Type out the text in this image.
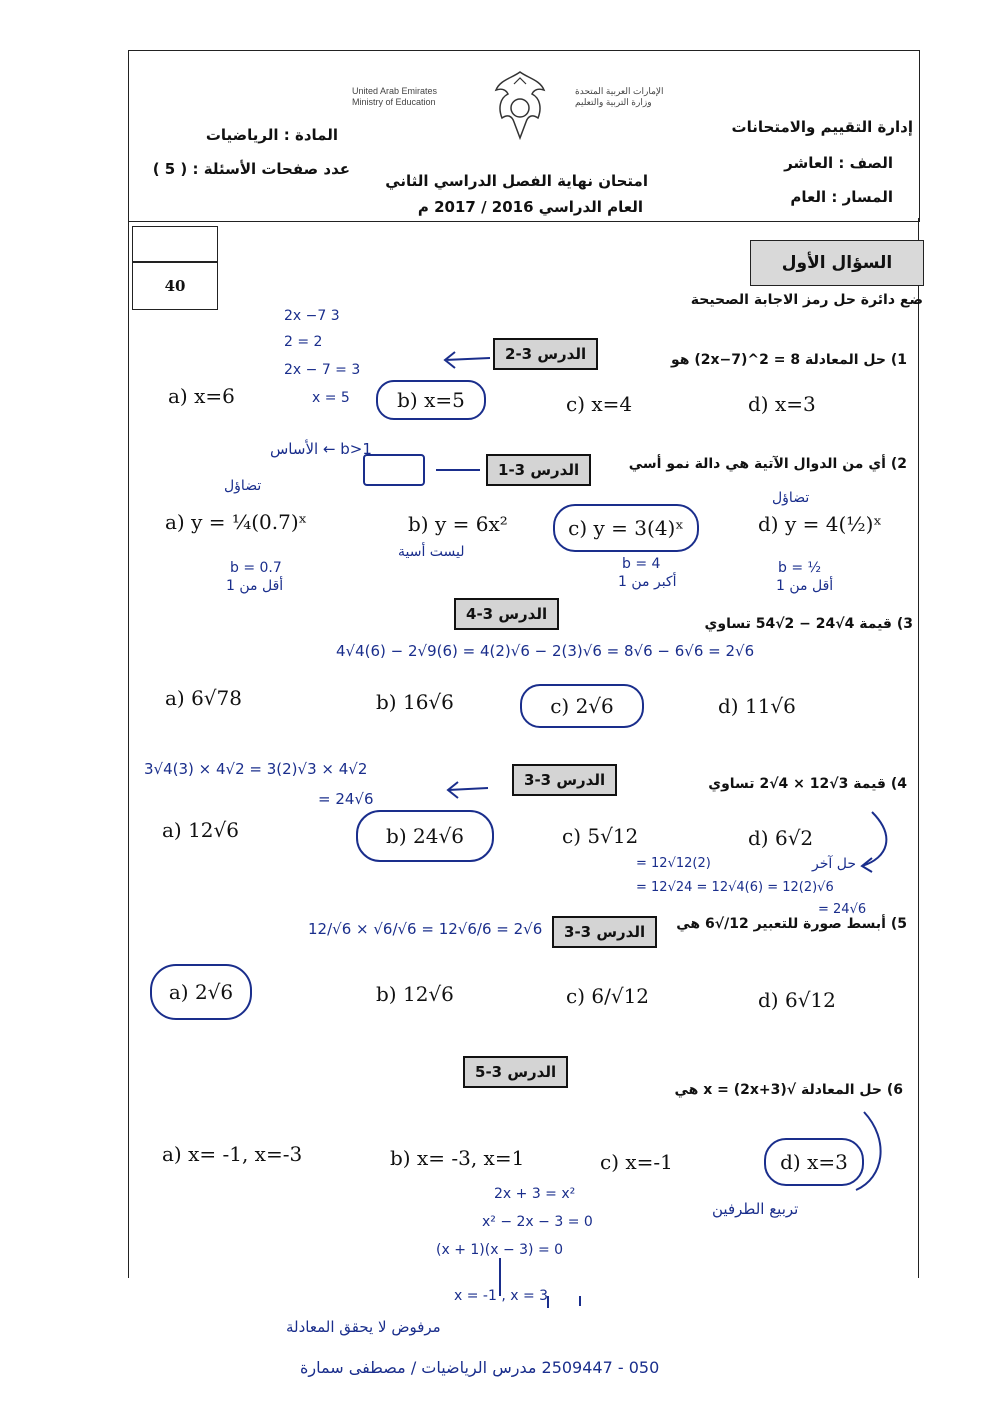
United Arab Emirates
Ministry of Education
الإمارات العربية المتحدة
وزارة التربية والتعليم
إدارة التقييم والامتحانات
الصف : العاشر
المسار : العام
المادة : الرياضيات
عدد صفحات الأسئلة : ( 5 )
امتحان نهاية الفصل الدراسي الثاني
العام الدراسي 2016 / 2017 م
40
السؤال الأول
ضع دائرة حل رمز الاجابة الصحيحة
الدرس 3-2	1) حل المعادلة 8 = 2^(2x−7) هو
a) x=6	b) x=5	c) x=4	d) x=3
2x −7 3
2 = 2
2x − 7 = 3
x = 5
الدرس 3-1	2) أي من الدوال الآتية هي دالة نمو أسي
b>1 ← الأساس
a) y = ¼(0.7)ˣ	b) y = 6x²	c) y = 3(4)ˣ	d) y = 4(½)ˣ
تضاؤل
b = 0.7
أقل من 1
ليست أسية
b = 4
أكبر من 1
تضاؤل
b = ½
أقل من 1
الدرس 3-4
3) قيمة 4√24 − 2√54 تساوي
4√4(6) − 2√9(6) = 4(2)√6 − 2(3)√6 = 8√6 − 6√6 = 2√6
a) 6√78	b) 16√6	c) 2√6	d) 11√6
الدرس 3-3	4) قيمة 3√12 × 4√2 تساوي
3√4(3) × 4√2 = 3(2)√3 × 4√2
= 24√6
a) 12√6	b) 24√6	c) 5√12	d) 6√2
= 12√12(2)
= 12√24 = 12√4(6) = 12(2)√6
= 24√6
حل آخر
الدرس 3-3	5) أبسط صورة للتعبير 12/√6 هي
12/√6 × √6/√6 = 12√6/6 = 2√6
a) 2√6	b) 12√6	c) 6/√12	d) 6√12
الدرس 3-5
6) حل المعادلة √(2x+3) = x هي
a) x= -1, x=-3	b) x= -3, x=1	c) x=-1	d) x=3
2x + 3 = x²
x² − 2x − 3 = 0
(x + 1)(x − 3) = 0
x = -1 , x = 3
تربيع الطرفين
مرفوض لا يحقق المعادلة
050 - 2509447 مدرس الرياضيات / مصطفى سمارة
